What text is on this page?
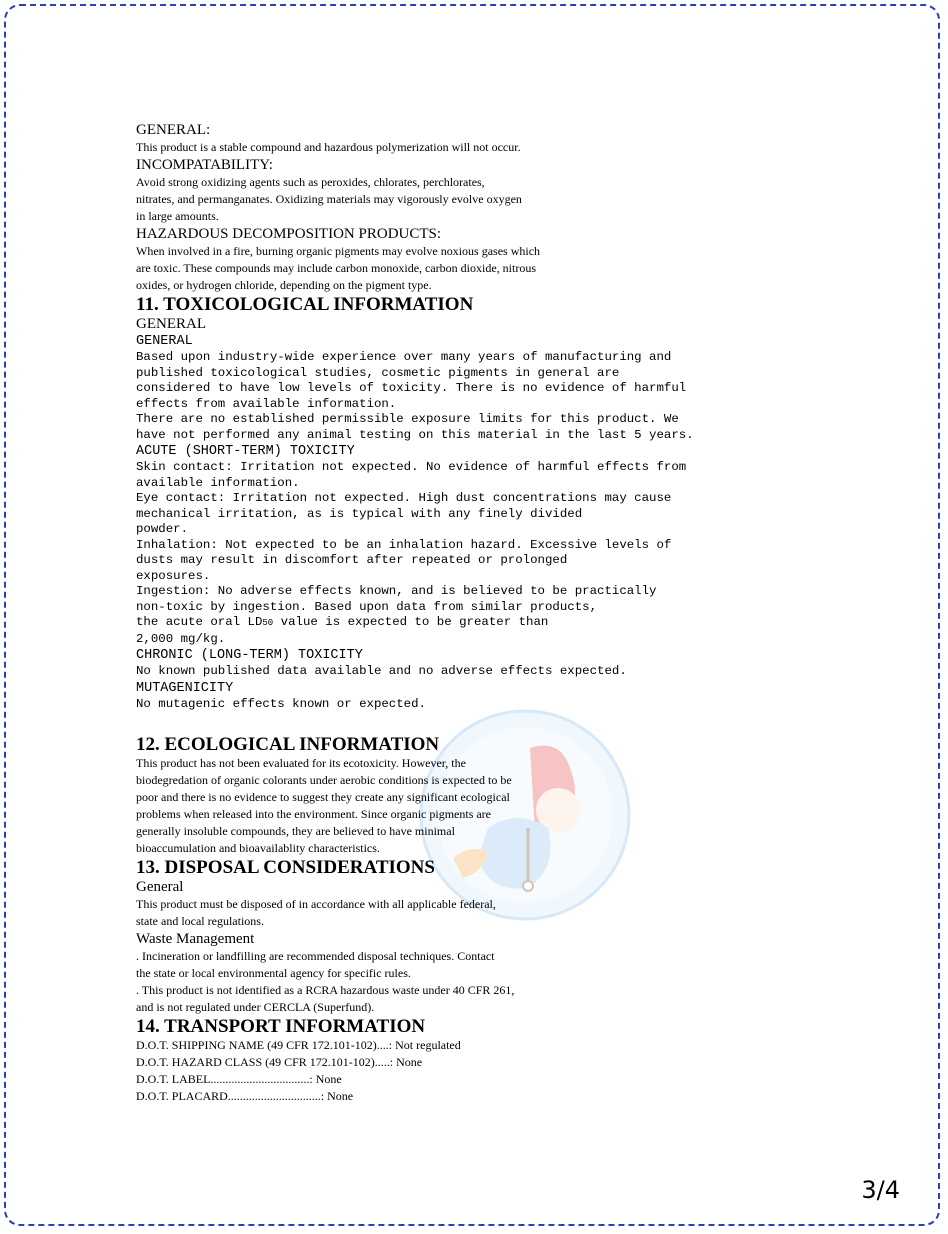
GENERAL:

This product is a stable compound and hazardous polymerization will not occur.

INCOMPATABILITY:

Avoid strong oxidizing agents such as peroxides, chlorates, perchlorates,
nitrates, and permanganates. Oxidizing materials may vigorously evolve oxygen
in large amounts.

HAZARDOUS DECOMPOSITION PRODUCTS:

When involved in a fire, burning organic pigments may evolve noxious gases which
are toxic. These compounds may include carbon monoxide, carbon dioxide, nitrous
oxides, or hydrogen chloride, depending on the pigment type.

11. TOXICOLOGICAL INFORMATION

GENERAL

GENERAL

Based upon industry-wide experience over many years of manufacturing and
published toxicological studies, cosmetic pigments in general are
considered to have low levels of toxicity. There is no evidence of harmful
effects from available information.
There are no established permissible exposure limits for this product. We
have not performed any animal testing on this material in the last 5 years.

ACUTE (SHORT-TERM) TOXICITY

Skin contact: Irritation not expected. No evidence of harmful effects from
available information.
Eye contact: Irritation not expected. High dust concentrations may cause
mechanical irritation, as is typical with any finely divided
powder.
Inhalation: Not expected to be an inhalation hazard. Excessive levels of
dusts may result in discomfort after repeated or prolonged
exposures.
Ingestion: No adverse effects known, and is believed to be practically
non-toxic by ingestion. Based upon data from similar products,

the acute oral LD50 value is expected to be greater than

2,000 mg/kg.

CHRONIC (LONG-TERM) TOXICITY

No known published data available and no adverse effects expected.

MUTAGENICITY

No mutagenic effects known or expected.

12. ECOLOGICAL INFORMATION

This product has not been evaluated for its ecotoxicity. However, the
biodegredation of organic colorants under aerobic conditions is expected to be
poor and there is no evidence to suggest they create any significant ecological
problems when released into the environment. Since organic pigments are
generally insoluble compounds, they are believed to have minimal
bioaccumulation and bioavailablity characteristics.

13. DISPOSAL CONSIDERATIONS

General

This product must be disposed of in accordance with all applicable federal,
state and local regulations.

Waste Management

. Incineration or landfilling are recommended disposal techniques. Contact
the state or local environmental agency for specific rules.
. This product is not identified as a RCRA hazardous waste under 40 CFR 261,
and is not regulated under CERCLA (Superfund).

14. TRANSPORT INFORMATION

D.O.T. SHIPPING NAME (49 CFR 172.101-102)....: Not regulated

D.O.T. HAZARD CLASS (49 CFR 172.101-102).....: None

D.O.T. LABEL.................................: None

D.O.T. PLACARD...............................: None

3/4
